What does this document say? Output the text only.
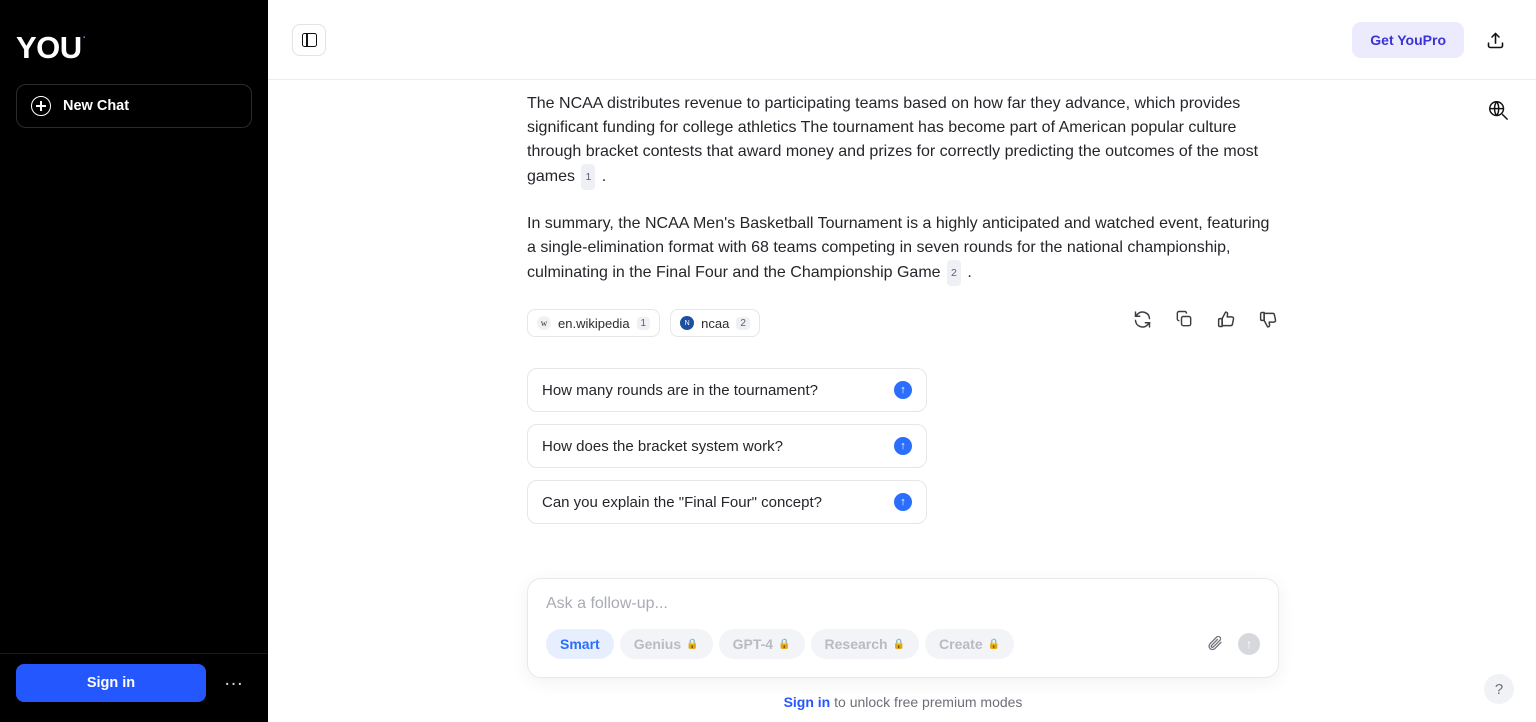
YOU ·
New Chat
Sign in	…
Get YouPro

The NCAA distributes revenue to participating teams based on how far they advance, which provides significant funding for college athletics The tournament has become part of American popular culture through bracket contests that award money and prizes for correctly predicting the outcomes of the most games 1 .

In summary, the NCAA Men's Basketball Tournament is a highly anticipated and watched event, featuring a single-elimination format with 68 teams competing in seven rounds for the national championship, culminating in the Final Four and the Championship Game 2 .

w en.wikipedia	1	N ncaa	2
How many rounds are in the tournament?	↑
How does the bracket system work?	↑
Can you explain the "Final Four" concept?	↑
Ask a follow-up...
Smart Genius 🔒 GPT-4 🔒 Research 🔒 Create 🔒	↑
Sign in to unlock free premium modes
?
